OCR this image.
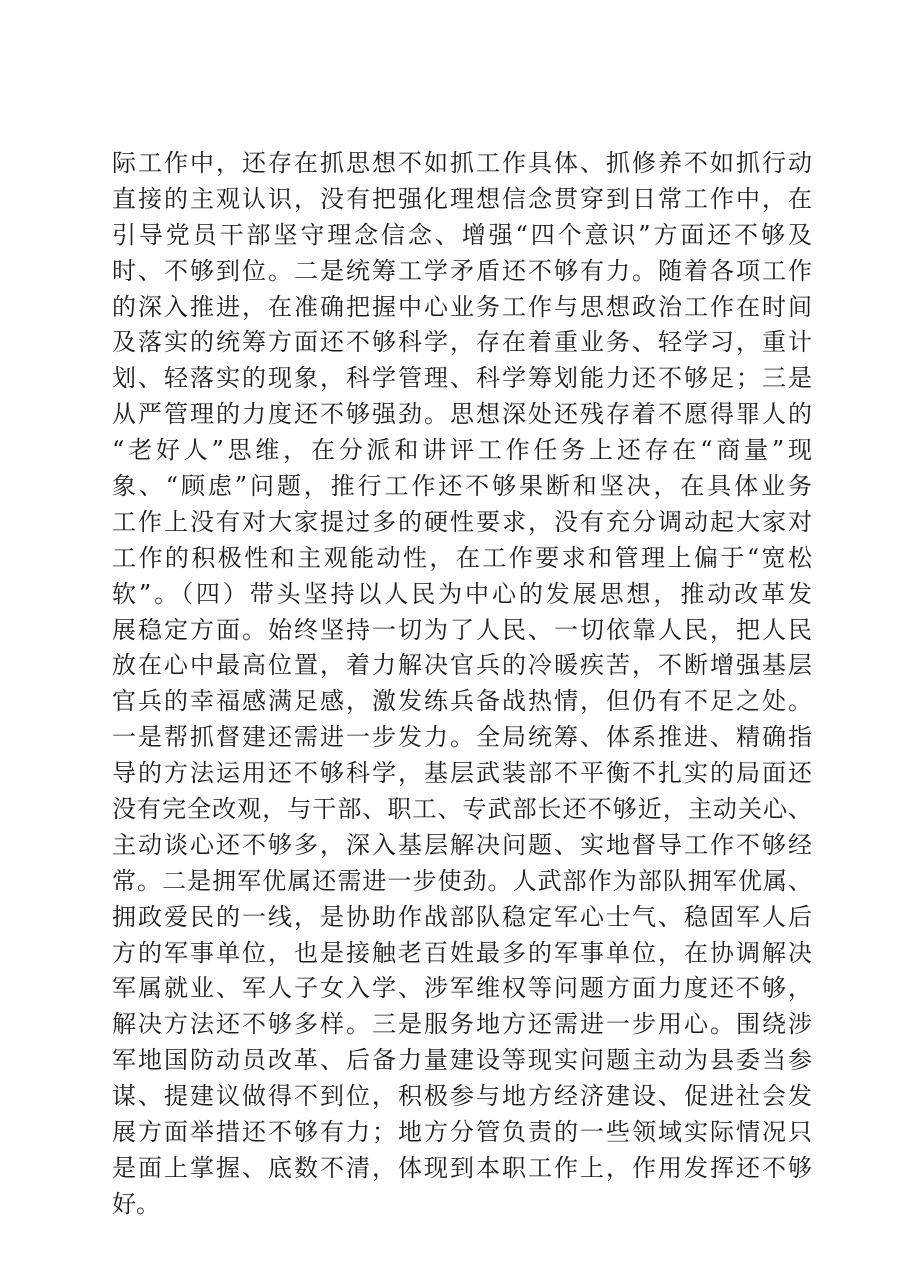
际工作中，还存在抓思想不如抓工作具体、抓修养不如抓行动
直接的主观认识，没有把强化理想信念贯穿到日常工作中，在
引导党员干部坚守理念信念、增强“四个意识”方面还不够及
时、不够到位。二是统筹工学矛盾还不够有力。随着各项工作
的深入推进，在准确把握中心业务工作与思想政治工作在时间
及落实的统筹方面还不够科学，存在着重业务、轻学习，重计
划、轻落实的现象，科学管理、科学筹划能力还不够足；三是
从严管理的力度还不够强劲。思想深处还残存着不愿得罪人的
“老好人”思维，在分派和讲评工作任务上还存在“商量”现
象、“顾虑”问题，推行工作还不够果断和坚决，在具体业务
工作上没有对大家提过多的硬性要求，没有充分调动起大家对
工作的积极性和主观能动性，在工作要求和管理上偏于“宽松
软”。（四）带头坚持以人民为中心的发展思想，推动改革发
展稳定方面。始终坚持一切为了人民、一切依靠人民，把人民
放在心中最高位置，着力解决官兵的冷暖疾苦，不断增强基层
官兵的幸福感满足感，激发练兵备战热情，但仍有不足之处。
一是帮抓督建还需进一步发力。全局统筹、体系推进、精确指
导的方法运用还不够科学，基层武装部不平衡不扎实的局面还
没有完全改观，与干部、职工、专武部长还不够近，主动关心、
主动谈心还不够多，深入基层解决问题、实地督导工作不够经
常。二是拥军优属还需进一步使劲。人武部作为部队拥军优属、
拥政爱民的一线，是协助作战部队稳定军心士气、稳固军人后
方的军事单位，也是接触老百姓最多的军事单位，在协调解决
军属就业、军人子女入学、涉军维权等问题方面力度还不够，
解决方法还不够多样。三是服务地方还需进一步用心。围绕涉
军地国防动员改革、后备力量建设等现实问题主动为县委当参
谋、提建议做得不到位，积极参与地方经济建设、促进社会发
展方面举措还不够有力；地方分管负责的一些领域实际情况只
是面上掌握、底数不清，体现到本职工作上，作用发挥还不够
好。
